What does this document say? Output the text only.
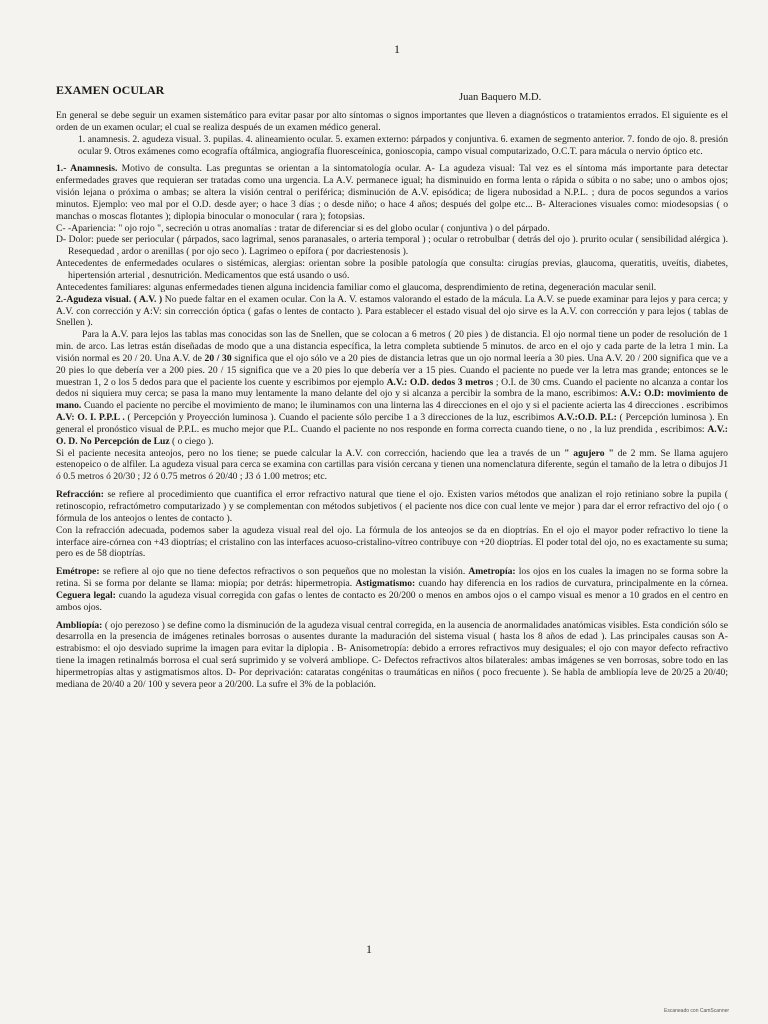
1
EXAMEN OCULAR
Juan Baquero M.D.

En general se debe seguir un examen sistemático para evitar pasar por alto síntomas o signos importantes que lleven a diagnósticos o tratamientos errados. El siguiente es el orden de un examen ocular; el cual se realiza después de un examen médico general.

1. anamnesis. 2. agudeza visual. 3. pupilas. 4. alineamiento ocular. 5. examen externo: párpados y conjuntiva. 6. examen de segmento anterior. 7. fondo de ojo. 8. presión ocular 9. Otros exámenes como ecografía oftálmica, angiografía fluoresceínica, gonioscopia, campo visual computarizado, O.C.T. para mácula o nervio óptico etc.

1.- Anamnesis. Motivo de consulta. Las preguntas se orientan a la sintomatología ocular. A- La agudeza visual: Tal vez es el síntoma más importante para detectar enfermedades graves que requieran ser tratadas como una urgencia. La A.V. permanece igual; ha disminuido en forma lenta o rápida o súbita o no sabe; uno o ambos ojos; visión lejana o próxima o ambas; se altera la visión central o periférica; disminución de A.V. episódica; de ligera nubosidad a N.P.L. ; dura de pocos segundos a varios minutos. Ejemplo: veo mal por el O.D. desde ayer; o hace 3 días ; o desde niño; o hace 4 años; después del golpe etc... B- Alteraciones visuales como: miodesopsias ( o manchas o moscas flotantes ); diplopia binocular o monocular ( rara ); fotopsias.

C- -Apariencia: " ojo rojo ", secreción u otras anomalías : tratar de diferenciar si es del globo ocular ( conjuntiva ) o del párpado.

D- Dolor: puede ser periocular ( párpados, saco lagrimal, senos paranasales, o arteria temporal ) ; ocular o retrobulbar ( detrás del ojo ). prurito ocular ( sensibilidad alérgica ). Resequedad , ardor o arenillas ( por ojo seco ). Lagrimeo o epífora ( por dacriestenosis ).

Antecedentes de enfermedades oculares o sistémicas, alergias: orientan sobre la posible patología que consulta: cirugías previas, glaucoma, queratitis, uveítis, diabetes, hipertensión arterial , desnutrición. Medicamentos que está usando o usó.

Antecedentes familiares: algunas enfermedades tienen alguna incidencia familiar como el glaucoma, desprendimiento de retina, degeneración macular senil.

2.-Agudeza visual. ( A.V. ) No puede faltar en el examen ocular. Con la A. V. estamos valorando el estado de la mácula. La A.V. se puede examinar para lejos y para cerca; y A.V. con corrección y A:V: sin corrección óptica ( gafas o lentes de contacto ). Para establecer el estado visual del ojo sirve es la A.V. con corrección y para lejos ( tablas de Snellen ).

Para la A.V. para lejos las tablas mas conocidas son las de Snellen, que se colocan a 6 metros ( 20 pies ) de distancia. El ojo normal tiene un poder de resolución de 1 min. de arco. Las letras están diseñadas de modo que a una distancia específica, la letra completa subtiende 5 minutos. de arco en el ojo y cada parte de la letra 1 min. La visión normal es 20 / 20. Una A.V. de 20 / 30 significa que el ojo sólo ve a 20 pies de distancia letras que un ojo normal leería a 30 pies. Una A.V. 20 / 200 significa que ve a 20 pies lo que debería ver a 200 pies. 20 / 15 significa que ve a 20 pies lo que debería ver a 15 pies. Cuando el paciente no puede ver la letra mas grande; entonces se le muestran 1, 2 o los 5 dedos para que el paciente los cuente y escribimos por ejemplo A.V.: O.D. dedos 3 metros ; O.I. de 30 cms. Cuando el paciente no alcanza a contar los dedos ni siquiera muy cerca; se pasa la mano muy lentamente la mano delante del ojo y si alcanza a percibir la sombra de la mano, escribimos: A.V.: O.D: movimiento de mano. Cuando el paciente no percibe el movimiento de mano; le iluminamos con una linterna las 4 direcciones en el ojo y si el paciente acierta las 4 direcciones . escribimos A.V: O. I. P.P.L . ( Percepción y Proyección luminosa ). Cuando el paciente sólo percibe 1 a 3 direcciones de la luz, escribimos A.V.:O.D. P.L: ( Percepción luminosa ). En general el pronóstico visual de P.P.L. es mucho mejor que P.L. Cuando el paciente no nos responde en forma correcta cuando tiene, o no , la luz prendida , escribimos: A.V.: O. D. No Percepción de Luz ( o ciego ).

Si el paciente necesita anteojos, pero no los tiene; se puede calcular la A.V. con corrección, haciendo que lea a través de un " agujero " de 2 mm. Se llama agujero estenopeico o de alfiler. La agudeza visual para cerca se examina con cartillas para visión cercana y tienen una nomenclatura diferente, según el tamaño de la letra o dibujos J1 ó 0.5 metros ó 20/30 ; J2 ó 0.75 metros ó 20/40 ; J3 ó 1.00 metros; etc.

Refracción: se refiere al procedimiento que cuantifica el error refractivo natural que tiene el ojo. Existen varios métodos que analizan el rojo retiniano sobre la pupila ( retinoscopio, refractómetro computarizado ) y se complementan con métodos subjetivos ( el paciente nos dice con cual lente ve mejor ) para dar el error refractivo del ojo ( o fórmula de los anteojos o lentes de contacto ).

Con la refracción adecuada, podemos saber la agudeza visual real del ojo. La fórmula de los anteojos se da en dioptrías. En el ojo el mayor poder refractivo lo tiene la interface aire-córnea con +43 dioptrías; el cristalino con las interfaces acuoso-cristalino-vítreo contribuye con +20 dioptrías. El poder total del ojo, no es exactamente su suma; pero es de 58 dioptrías.

Emétrope: se refiere al ojo que no tiene defectos refractivos o son pequeños que no molestan la visión. Ametropía: los ojos en los cuales la imagen no se forma sobre la retina. Si se forma por delante se llama: miopía; por detrás: hipermetropia. Astigmatismo: cuando hay diferencia en los radios de curvatura, principalmente en la córnea. Ceguera legal: cuando la agudeza visual corregida con gafas o lentes de contacto es 20/200 o menos en ambos ojos o el campo visual es menor a 10 grados en el centro en ambos ojos.

Ambliopía: ( ojo perezoso ) se define como la disminución de la agudeza visual central corregida, en la ausencia de anormalidades anatómicas visibles. Esta condición sólo se desarrolla en la presencia de imágenes retinales borrosas o ausentes durante la maduración del sistema visual ( hasta los 8 años de edad ). Las principales causas son A- estrabismo: el ojo desviado suprime la imagen para evitar la diplopia . B- Anisometropía: debido a errores refractivos muy desiguales; el ojo con mayor defecto refractivo tiene la imagen retinalmás borrosa el cual será suprimido y se volverá ambliope. C- Defectos refractivos altos bilaterales: ambas imágenes se ven borrosas, sobre todo en las hipermetropías altas y astigmatismos altos. D- Por deprivación: cataratas congénitas o traumáticas en niños ( poco frecuente ). Se habla de ambliopía leve de 20/25 a 20/40; mediana de 20/40 a 20/ 100 y severa peor a 20/200. La sufre el 3% de la población.

1
Escaneado con CamScanner
